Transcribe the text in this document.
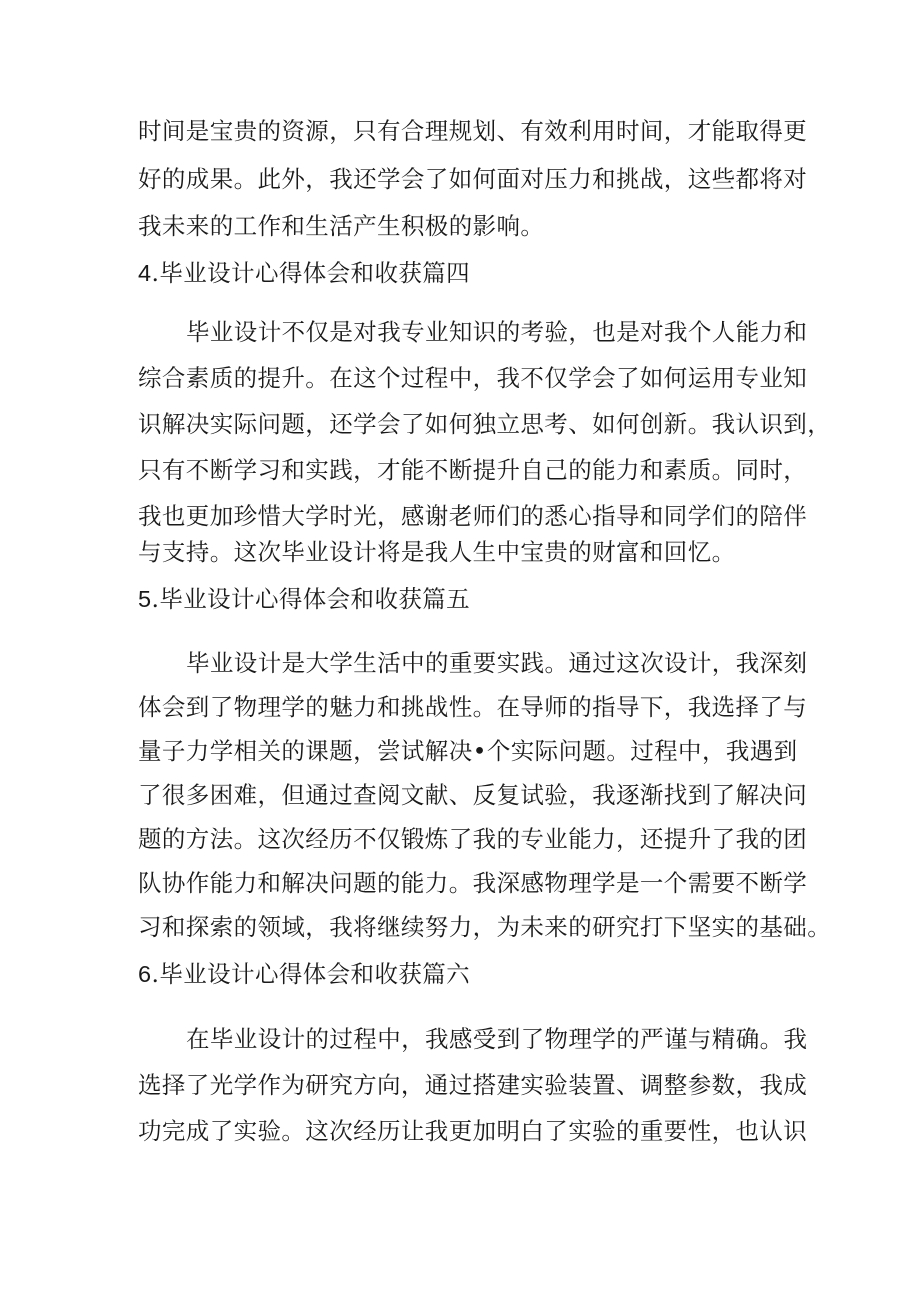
时间是宝贵的资源，只有合理规划、有效利用时间，才能取得更
好的成果。此外，我还学会了如何面对压力和挑战，这些都将对
我未来的工作和生活产生积极的影响。
4.毕业设计心得体会和收获篇四
毕业设计不仅是对我专业知识的考验，也是对我个人能力和
综合素质的提升。在这个过程中，我不仅学会了如何运用专业知
识解决实际问题，还学会了如何独立思考、如何创新。我认识到，
只有不断学习和实践，才能不断提升自己的能力和素质。同时，
我也更加珍惜大学时光，感谢老师们的悉心指导和同学们的陪伴
与支持。这次毕业设计将是我人生中宝贵的财富和回忆。
5.毕业设计心得体会和收获篇五
毕业设计是大学生活中的重要实践。通过这次设计，我深刻
体会到了物理学的魅力和挑战性。在导师的指导下，我选择了与
量子力学相关的课题，尝试解决•个实际问题。过程中，我遇到
了很多困难，但通过查阅文献、反复试验，我逐渐找到了解决问
题的方法。这次经历不仅锻炼了我的专业能力，还提升了我的团
队协作能力和解决问题的能力。我深感物理学是一个需要不断学
习和探索的领域，我将继续努力，为未来的研究打下坚实的基础。
6.毕业设计心得体会和收获篇六
在毕业设计的过程中，我感受到了物理学的严谨与精确。我
选择了光学作为研究方向，通过搭建实验装置、调整参数，我成
功完成了实验。这次经历让我更加明白了实验的重要性，也认识
